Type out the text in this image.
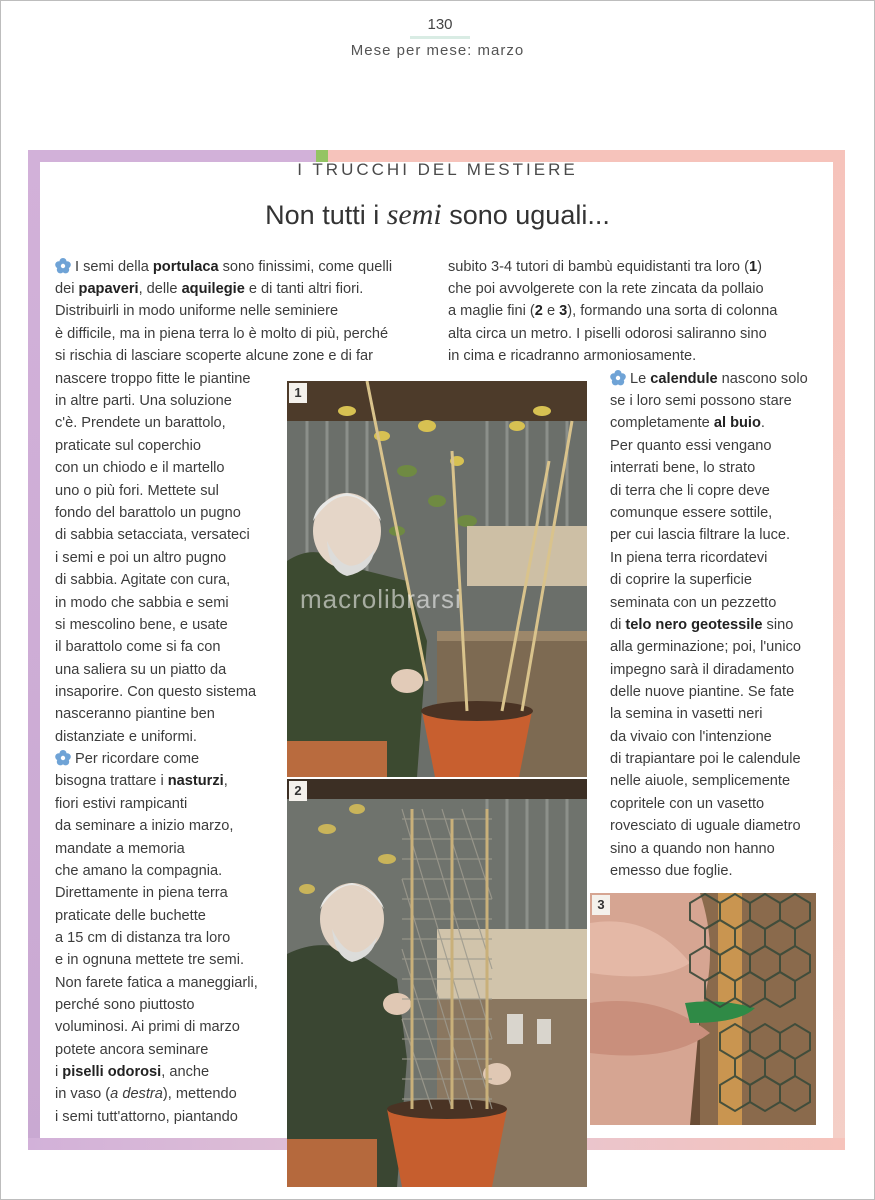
130
Mese per mese: marzo
I TRUCCHI DEL MESTIERE
Non tutti i semi sono uguali...

I semi della portulaca sono finissimi, come quelli

dei papaveri, delle aquilegie e di tanti altri fiori.

Distribuirli in modo uniforme nelle seminiere

è difficile, ma in piena terra lo è molto di più, perché

si rischia di lasciare scoperte alcune zone e di far

nascere troppo fitte le piantine

in altre parti. Una soluzione

c'è. Prendete un barattolo,

praticate sul coperchio

con un chiodo e il martello

uno o più fori. Mettete sul

fondo del barattolo un pugno

di sabbia setacciata, versateci

i semi e poi un altro pugno

di sabbia. Agitate con cura,

in modo che sabbia e semi

si mescolino bene, e usate

il barattolo come si fa con

una saliera su un piatto da

insaporire. Con questo sistema

nasceranno piantine ben

distanziate e uniformi.

Per ricordare come

bisogna trattare i nasturzi,

fiori estivi rampicanti

da seminare a inizio marzo,

mandate a memoria

che amano la compagnia.

Direttamente in piena terra

praticate delle buchette

a 15 cm di distanza tra loro

e in ognuna mettete tre semi.

Non farete fatica a maneggiarli,

perché sono piuttosto

voluminosi. Ai primi di marzo

potete ancora seminare

i piselli odorosi, anche

in vaso (a destra), mettendo

i semi tutt'attorno, piantando

subito 3-4 tutori di bambù equidistanti tra loro (1)

che poi avvolgerete con la rete zincata da pollaio

a maglie fini (2 e 3), formando una sorta di colonna

alta circa un metro. I piselli odorosi saliranno sino

in cima e ricadranno armoniosamente.

Le calendule nascono solo

se i loro semi possono stare

completamente al buio.

Per quanto essi vengano

interrati bene, lo strato

di terra che li copre deve

comunque essere sottile,

per cui lascia filtrare la luce.

In piena terra ricordatevi

di coprire la superficie

seminata con un pezzetto

di telo nero geotessile sino

alla germinazione; poi, l'unico

impegno sarà il diradamento

delle nuove piantine. Se fate

la semina in vasetti neri

da vivaio con l'intenzione

di trapiantare poi le calendule

nelle aiuole, semplicemente

copritele con un vasetto

rovesciato di uguale diametro

sino a quando non hanno

emesso due foglie.

1
macrolibrarsi
2
3
